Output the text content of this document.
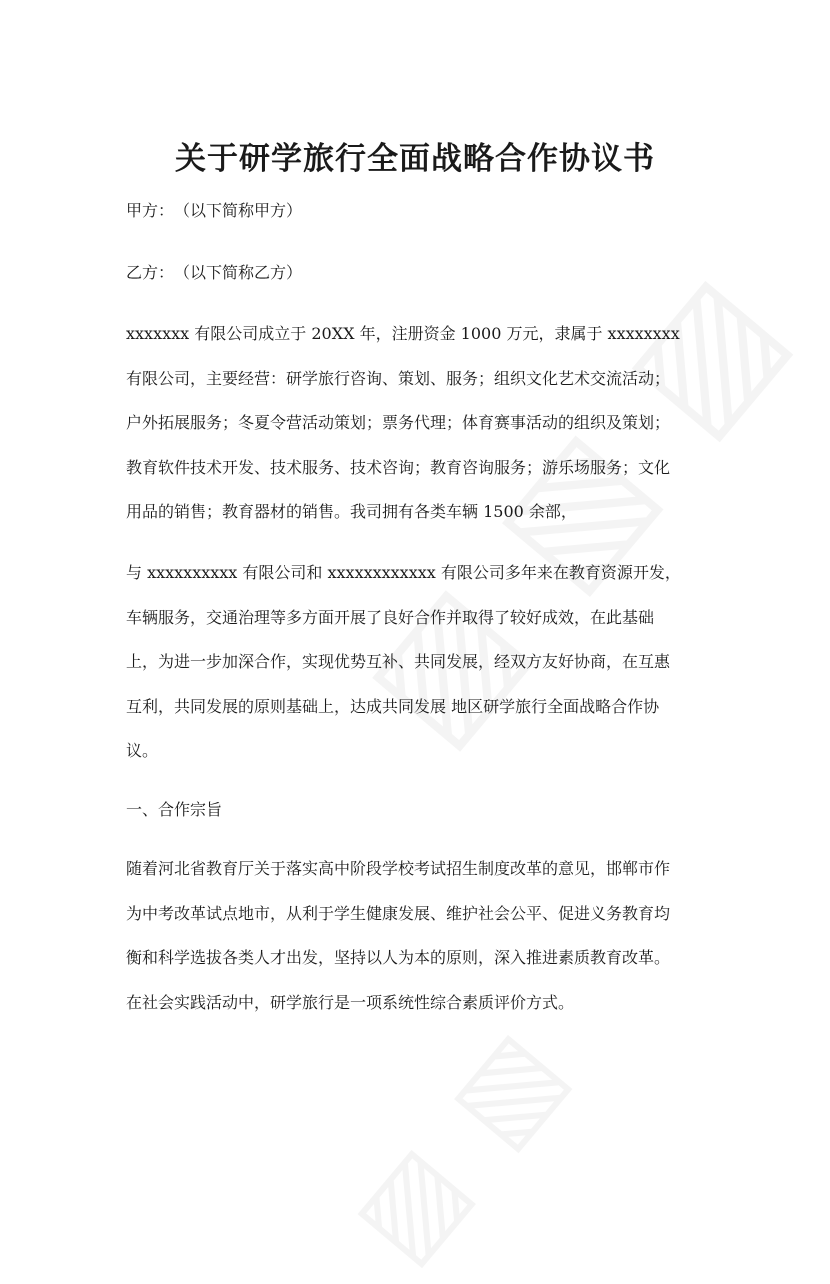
关于研学旅行全面战略合作协议书
甲方：　（以下简称甲方）
乙方：　（以下简称乙方）

xxxxxxx 有限公司成立于 20XX 年，注册资金 1000 万元，隶属于 xxxxxxxx

有限公司，主要经营：研学旅行咨询、策划、服务；组织文化艺术交流活动；

户外拓展服务；冬夏令营活动策划；票务代理；体育赛事活动的组织及策划；

教育软件技术开发、技术服务、技术咨询；教育咨询服务；游乐场服务；文化

用品的销售；教育器材的销售。我司拥有各类车辆 1500 余部，

与 xxxxxxxxxx 有限公司和 xxxxxxxxxxxx 有限公司多年来在教育资源开发，

车辆服务，交通治理等多方面开展了良好合作并取得了较好成效，在此基础

上，为进一步加深合作，实现优势互补、共同发展，经双方友好协商，在互惠

互利，共同发展的原则基础上，达成共同发展 地区研学旅行全面战略合作协

议。

一、合作宗旨

随着河北省教育厅关于落实高中阶段学校考试招生制度改革的意见，邯郸市作

为中考改革试点地市，从利于学生健康发展、维护社会公平、促进义务教育均

衡和科学选拔各类人才出发，坚持以人为本的原则，深入推进素质教育改革。

在社会实践活动中，研学旅行是一项系统性综合素质评价方式。
